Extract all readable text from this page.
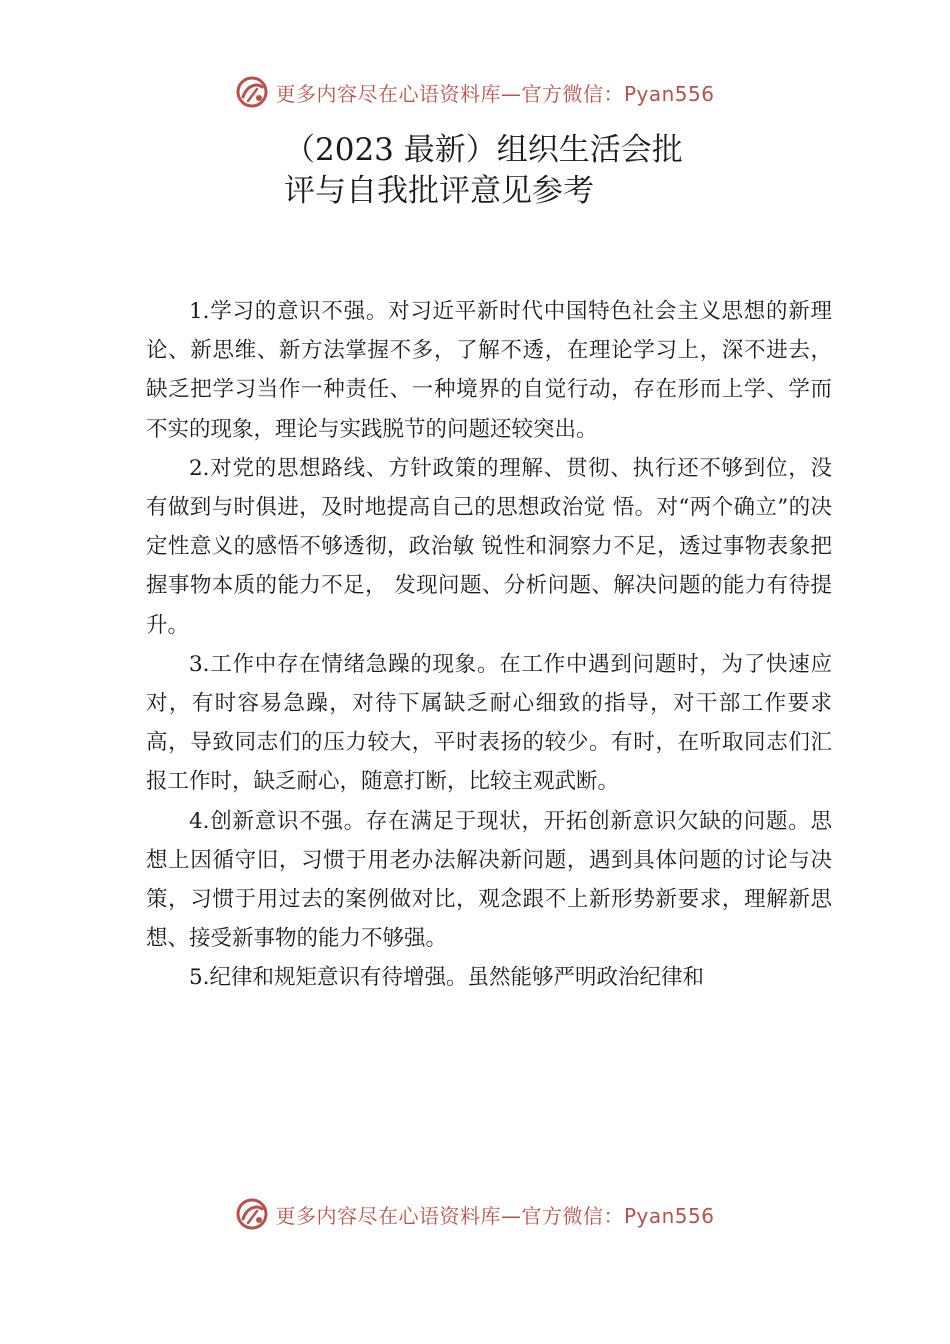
更多内容尽在心语资料库—官方微信：Pyan556
（2023 最新）组织生活会批评与自我批评意见参考

1.学习的意识不强。对习近平新时代中国特色社会主义思想的新理论、新思维、新方法掌握不多，了解不透，在理论学习上，深不进去，缺乏把学习当作一种责任、一种境界的自觉行动，存在形而上学、学而不实的现象，理论与实践脱节的问题还较突出。

2.对党的思想路线、方针政策的理解、贯彻、执行还不够到位，没有做到与时俱进，及时地提高自己的思想政治觉 悟。对“两个确立”的决定性意义的感悟不够透彻，政治敏 锐性和洞察力不足，透过事物表象把握事物本质的能力不足， 发现问题、分析问题、解决问题的能力有待提升。

3.工作中存在情绪急躁的现象。在工作中遇到问题时，为了快速应对，有时容易急躁，对待下属缺乏耐心细致的指导，对干部工作要求高，导致同志们的压力较大，平时表扬的较少。有时，在听取同志们汇报工作时，缺乏耐心，随意打断，比较主观武断。

4.创新意识不强。存在满足于现状，开拓创新意识欠缺的问题。思想上因循守旧，习惯于用老办法解决新问题，遇到具体问题的讨论与决策，习惯于用过去的案例做对比，观念跟不上新形势新要求，理解新思想、接受新事物的能力不够强。

5.纪律和规矩意识有待增强。虽然能够严明政治纪律和

更多内容尽在心语资料库—官方微信：Pyan556
